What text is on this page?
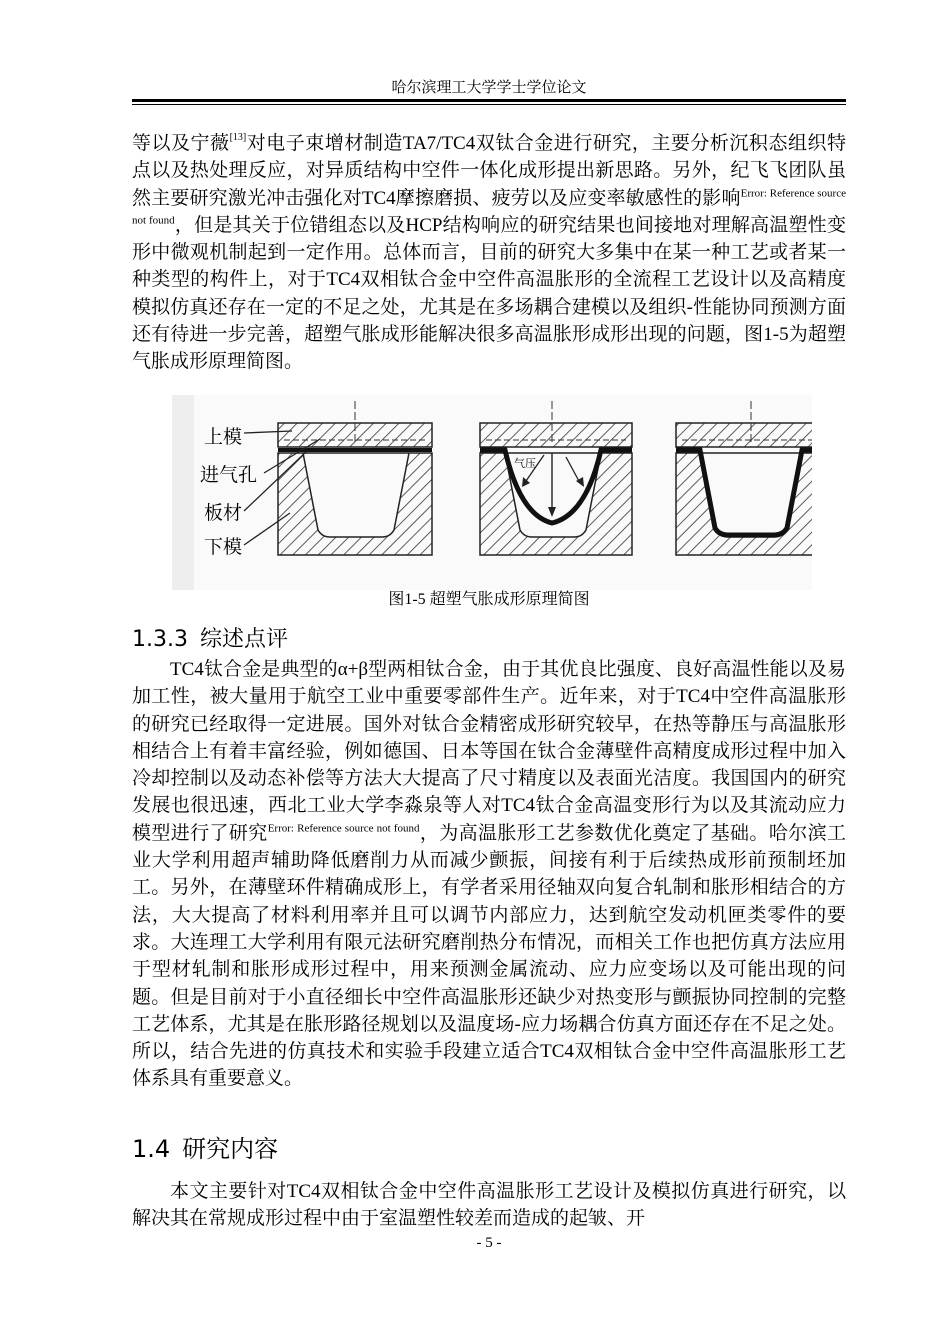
哈尔滨理工大学学士学位论文

等以及宁薇[13]对电子束增材制造TA7/TC4双钛合金进行研究，主要分析沉积态组织特点以及热处理反应，对异质结构中空件一体化成形提出新思路。另外，纪飞飞团队虽然主要研究激光冲击强化对TC4摩擦磨损、疲劳以及应变率敏感性的影响$^{Error: Reference source not found}$，但是其关于位错组态以及HCP结构响应的研究结果也间接地对理解高温塑性变形中微观机制起到一定作用。总体而言，目前的研究大多集中在某一种工艺或者某一种类型的构件上，对于TC4双相钛合金中空件高温胀形的全流程工艺设计以及高精度模拟仿真还存在一定的不足之处，尤其是在多场耦合建模以及组织-性能协同预测方面还有待进一步完善，超塑气胀成形能解决很多高温胀形成形出现的问题，图1-5为超塑气胀成形原理简图。

上模
进气孔
板材
下模
气压
图1-5 超塑气胀成形原理简图
1.3.3 综述点评

TC4钛合金是典型的α+β型两相钛合金，由于其优良比强度、良好高温性能以及易加工性，被大量用于航空工业中重要零部件生产。近年来，对于TC4中空件高温胀形的研究已经取得一定进展。国外对钛合金精密成形研究较早，在热等静压与高温胀形相结合上有着丰富经验，例如德国、日本等国在钛合金薄壁件高精度成形过程中加入冷却控制以及动态补偿等方法大大提高了尺寸精度以及表面光洁度。我国国内的研究发展也很迅速，西北工业大学李淼泉等人对TC4钛合金高温变形行为以及其流动应力模型进行了研究$^{Error: Reference source not found}$，为高温胀形工艺参数优化奠定了基础。哈尔滨工业大学利用超声辅助降低磨削力从而减少颤振，间接有利于后续热成形前预制坯加工。另外，在薄壁环件精确成形上，有学者采用径轴双向复合轧制和胀形相结合的方法，大大提高了材料利用率并且可以调节内部应力，达到航空发动机匣类零件的要求。大连理工大学利用有限元法研究磨削热分布情况，而相关工作也把仿真方法应用于型材轧制和胀形成形过程中，用来预测金属流动、应力应变场以及可能出现的问题。但是目前对于小直径细长中空件高温胀形还缺少对热变形与颤振协同控制的完整工艺体系，尤其是在胀形路径规划以及温度场-应力场耦合仿真方面还存在不足之处。所以，结合先进的仿真技术和实验手段建立适合TC4双相钛合金中空件高温胀形工艺体系具有重要意义。

1.4 研究内容

本文主要针对TC4双相钛合金中空件高温胀形工艺设计及模拟仿真进行研究，以解决其在常规成形过程中由于室温塑性较差而造成的起皱、开

- 5 -
